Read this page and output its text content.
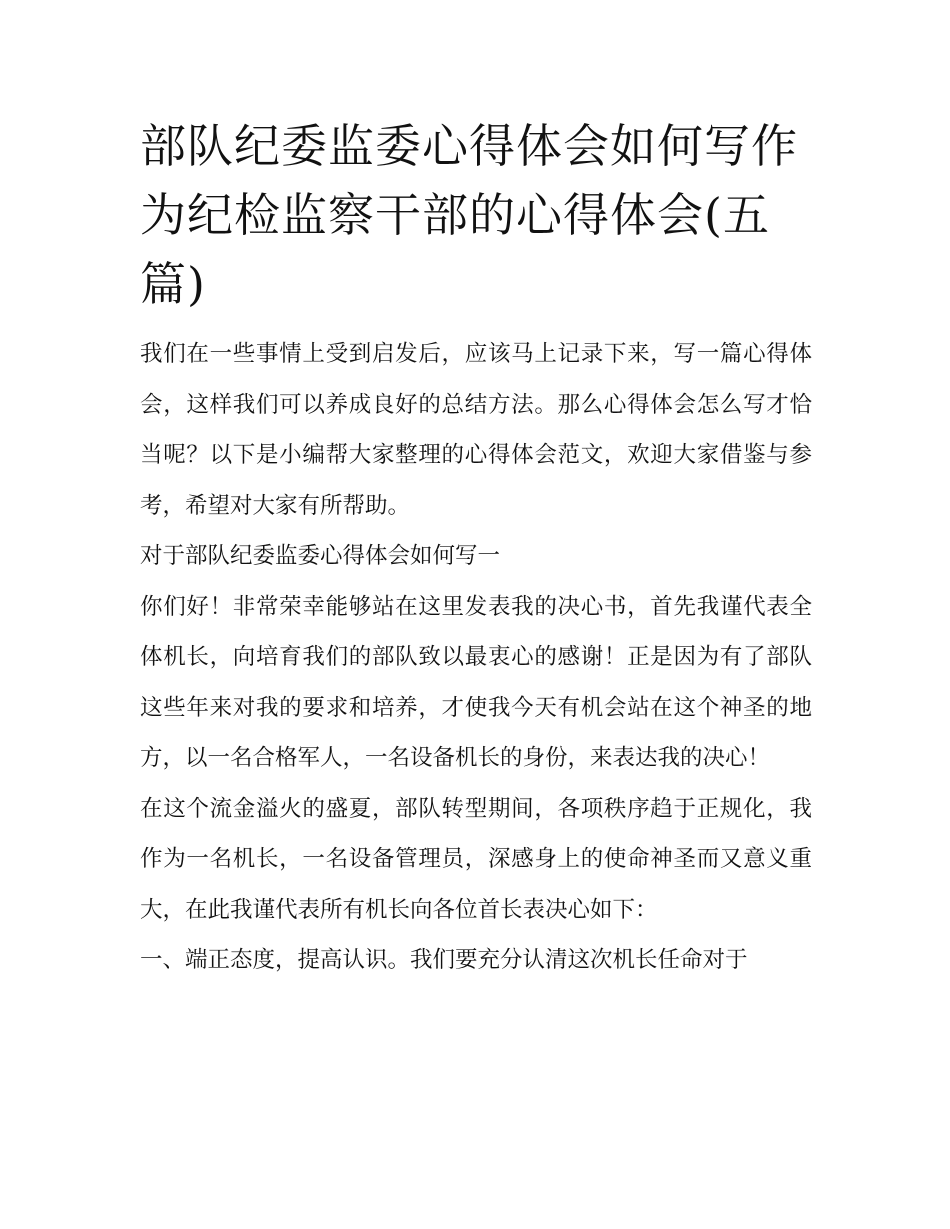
部队纪委监委心得体会如何写作为纪检监察干部的心得体会(五篇)

我们在一些事情上受到启发后，应该马上记录下来，写一篇心得体会，这样我们可以养成良好的总结方法。那么心得体会怎么写才恰当呢？以下是小编帮大家整理的心得体会范文，欢迎大家借鉴与参考，希望对大家有所帮助。

对于部队纪委监委心得体会如何写一

你们好！非常荣幸能够站在这里发表我的决心书，首先我谨代表全体机长，向培育我们的部队致以最衷心的感谢！正是因为有了部队这些年来对我的要求和培养，才使我今天有机会站在这个神圣的地方，以一名合格军人，一名设备机长的身份，来表达我的决心！

在这个流金溢火的盛夏，部队转型期间，各项秩序趋于正规化，我作为一名机长，一名设备管理员，深感身上的使命神圣而又意义重大，在此我谨代表所有机长向各位首长表决心如下：

一、端正态度，提高认识。我们要充分认清这次机长任命对于
